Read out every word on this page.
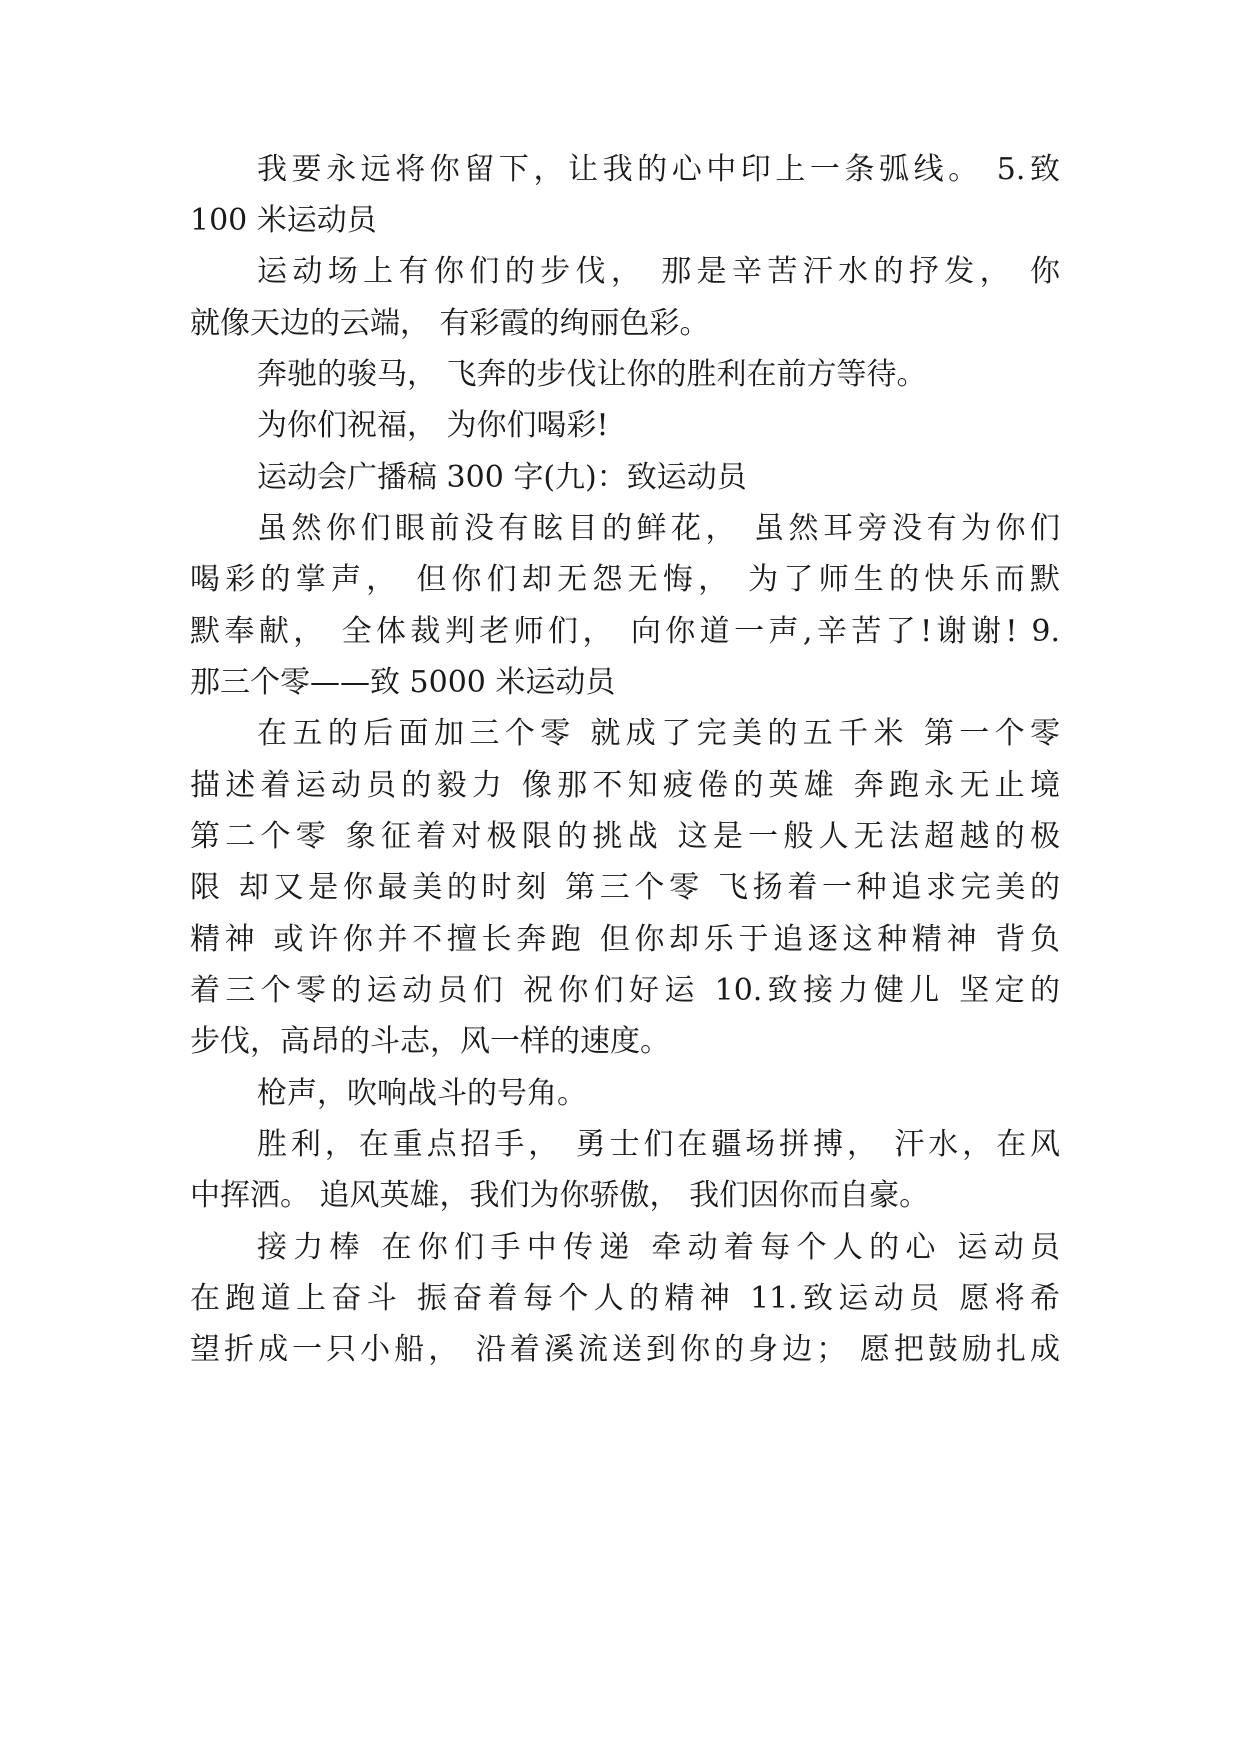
我要永远将你留下，让我的心中印上一条弧线。 5.致
100 米运动员
运动场上有你们的步伐， 那是辛苦汗水的抒发， 你
就像天边的云端， 有彩霞的绚丽色彩。
奔驰的骏马， 飞奔的步伐让你的胜利在前方等待。
为你们祝福， 为你们喝彩!
运动会广播稿 300 字(九)：致运动员
虽然你们眼前没有眩目的鲜花， 虽然耳旁没有为你们
喝彩的掌声， 但你们却无怨无悔， 为了师生的快乐而默
默奉献， 全体裁判老师们， 向你道一声,辛苦了!谢谢! 9.
那三个零——致 5000 米运动员
在五的后面加三个零 就成了完美的五千米 第一个零
描述着运动员的毅力 像那不知疲倦的英雄 奔跑永无止境
第二个零 象征着对极限的挑战 这是一般人无法超越的极
限 却又是你最美的时刻 第三个零 飞扬着一种追求完美的
精神 或许你并不擅长奔跑 但你却乐于追逐这种精神 背负
着三个零的运动员们 祝你们好运 10.致接力健儿 坚定的
步伐，高昂的斗志，风一样的速度。
枪声，吹响战斗的号角。
胜利，在重点招手， 勇士们在疆场拼搏， 汗水，在风
中挥洒。 追风英雄，我们为你骄傲， 我们因你而自豪。
接力棒 在你们手中传递 牵动着每个人的心 运动员
在跑道上奋斗 振奋着每个人的精神 11.致运动员 愿将希
望折成一只小船， 沿着溪流送到你的身边； 愿把鼓励扎成
